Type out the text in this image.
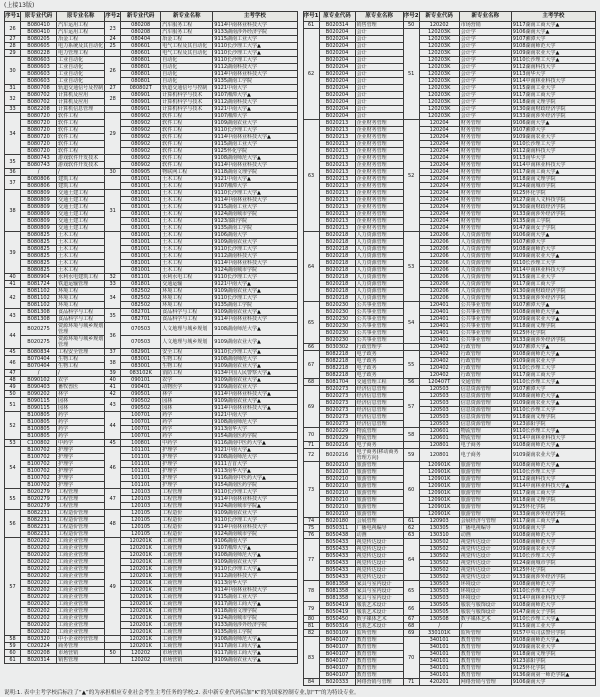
(上接13版)
序号1	原专业代码	原专业名称	序号2	新专业代码	新专业名称	主考学校
26	B080410	汽车运用工程	23	080208	汽车服务工程	9114中南林业科技大学
	B080410	汽车运用工程		080208	汽车服务工程	9133湖南涉外经济学院
27	B080205	冶金工程	24	080404	冶金工程	9115湖南工业大学
28	B080605	电力系统及其自动化	25	080601	电气工程及其自动化	9110长沙理工大学▲
29	B080228	电力管理工程		080601	电气工程及其自动化	9110长沙理工大学▲
30	B080603	工业自动化	26	080801	自动化	9110长沙理工大学
	B080603	工业自动化		080801	自动化	9112湖南科技大学
	B080603	工业自动化		080801	自动化	9114中南林业科技大学
	B080603	工业自动化		080801	自动化	9135湖南工学院
31	B080708	轨道交通信号及控制	27	080802T	轨道交通信号与控制	9121中南大学
32	B080702	计算机及应用	28	080901	计算机科学与技术	9107湘潭大学▲
	B080702	计算机及应用		080901	计算机科学与技术	9112湖南科技大学
33	B082208	计算机信息管理		080901	计算机科学与技术	9121中南大学▲
34	B080720	软件工程	29	080902	软件工程	9107湘潭大学
	B080720	软件工程		080902	软件工程	9109湖南农业大学
	B080720	软件工程		080902	软件工程	9110长沙理工大学
	B080720	软件工程		080902	软件工程	9114中南林业科技大学▲
	B080720	软件工程		080902	软件工程	9115湖南工业大学
	B080720	软件工程		080902	软件工程	9125怀化学院
35	B080743	游戏软件开发技术		080902	软件工程	9108湖南师范大学▲
	B080743	游戏软件开发技术		080902	软件工程	9114中南林业科技大学
36	/	/	30	080905	物联网工程	9118湖南文理学院
37	B080806	建筑工程		081001	土木工程	9121中南大学▲
	B080806	建筑工程		081001	土木工程	9107湘潭大学
38	B080809	交通土建工程	31	081001	土木工程	9110长沙理工大学▲
	B080809	交通土建工程		081001	土木工程	9114中南林业科技大学
	B080809	交通土建工程		081001	土木工程	9115湖南工业大学
	B080809	交通土建工程		081001	土木工程	9124湖南城市学院
	B080809	交通土建工程		081001	土木工程	9123邵阳学院
	B080809	交通土建工程		081001	土木工程	9135湖南工学院
39	B080825	土木工程		081001	土木工程	9106湖南大学
	B080825	土木工程		081001	土木工程	9109湖南农业大学
	B080825	土木工程		081001	土木工程	9110长沙理工大学
	B080825	土木工程		081001	土木工程	9112湖南科技大学
	B080825	土木工程		081001	土木工程	9114中南林业科技大学
	B080825	土木工程		081001	土木工程	9124湖南城市学院
40	B080904	水利水电建筑工程	32	081101	水利水电工程	9110长沙理工大学
41	B081724	铁道运输管理	33	081801	交通运输	9121中南大学▲
42	B081102	环境工程	34	082502	环境工程	9109湖南农业大学▲
	B081102	环境工程		082502	环境工程	9110长沙理工大学
	B081102	环境工程		082502	环境工程	9135湖南工学院
43	B081308	食品科学与工程	35	082701	食品科学与工程	9109湖南农业大学▲
	B081308	食品科学与工程		082701	食品科学与工程	9114中南林业科技大学
44	B020275	资源环境与城乡规划管理	36	070503	人文地理与城乡规划	9108湖南师范大学▲
	B020275	资源环境与城乡规划管理		070503	人文地理与城乡规划	9109湖南农业大学▲
45	B080834	工程安全管理	37	082901	安全工程	9110长沙理工大学▲
46	B070404	生物工程	38	083001	生物工程	9108湖南师范大学
	B070404	生物工程		083001	生物工程	9109湖南农业大学▲
47	/	/	39	083102K	消防工程	9134中国人民警察大学▲
48	B090102	农学	40	090101	农学	9109湖南农业大学▲
49	B090403	畜牧兽医	41	090401	动物医学	9109湖南农业大学
50	B090202	林学	42	090501	林学	9114中南林业科技大学▲
51	B090115	园林	43	090502	园林	9109湖南农业大学▲
	B090115	园林		090502	园林	9114中南林业科技大学▲
52	B100805	药学	44	100701	药学	9121中南大学
	B100805	药学		100701	药学	9108湖南师范大学
	B100805	药学		100701	药学	9113南华大学
	B100805	药学		100701	药学	9154湖南医药学院
53	C100802	中药学	45	100801	中药学	9116湖南中医药大学▲
54	B100702	护理学	46	101101	护理学	9121中南大学▲
	B100702	护理学		101101	护理学	9108湖南师范大学
	B100702	护理学		101101	护理学	9111吉首大学
	B100702	护理学		101101	护理学	9113南华大学▲
	B100702	护理学		101101	护理学	9116湖南中医药大学▲
	B100702	护理学		101101	护理学	9154湖南医药学院
55	B020279	工程管理	47	120103	工程管理	9110长沙理工大学
	B020279	工程管理		120103	工程管理	9114中南林业科技大学
	B020279	工程管理		120103	工程管理	9124湖南城市学院▲
56	B082231	工程造价管理	48	120105	工程造价	9109湖南农业大学
	B082231	工程造价管理		120105	工程造价	9110长沙理工大学
	B082231	工程造价管理		120105	工程造价	9114中南林业科技大学
	B082231	工程造价管理		120105	工程造价	9124湖南城市学院
57	B020202	工商企业管理	49	120201K	工商管理	9106湖南大学
	B020202	工商企业管理		120201K	工商管理	9107湘潭大学▲
	B020202	工商企业管理		120201K	工商管理	9108湖南师范大学▲
	B020202	工商企业管理		120201K	工商管理	9109湖南农业大学
	B020202	工商企业管理		120201K	工商管理	9110长沙理工大学▲
	B020202	工商企业管理		120201K	工商管理	9112湖南科技大学
	B020202	工商企业管理		120201K	工商管理	9113南华大学
	B020202	工商企业管理		120201K	工商管理	9114中南林业科技大学
	B020202	工商企业管理		120201K	工商管理	9115湖南工业大学
	B020202	工商企业管理		120201K	工商管理	9117湖南工商大学▲
	B020202	工商企业管理		120201K	工商管理	9118湖南文理学院
	B020202	工商企业管理		120201K	工商管理	9124湖南城市学院
	B020202	工商企业管理		120201K	工商管理	9133湖南涉外经济学院
	B020202	工商企业管理		120201K	工商管理	9135湖南工学院
58	B020320	中小企业经营管理		120201K	工商管理	9108湖南师范大学▲
59	C020224	商务管理		120201K	工商管理	9117湖南工商大学▲
60	B020208	市场营销	50	120202	市场营销	9117湖南工商大学▲
61	B020314	销售管理		120202	市场营销	9109湖南农业大学▲
序号1	原专业代码	原专业名称	序号2	新专业代码	新专业名称	主考学校
61	B020314	销售管理	50	120202	市场营销	9117湖南工商大学▲
62	B020204	会计	51	120203K	会计学	9106湖南大学▲
	B020204	会计		120203K	会计学	9107湘潭大学
	B020204	会计		120203K	会计学	9108湖南师范大学
	B020204	会计		120203K	会计学	9109湖南农业大学▲
	B020204	会计		120203K	会计学	9110长沙理工大学▲
	B020204	会计		120203K	会计学	9112湖南科技大学
	B020204	会计		120203K	会计学	9113南华大学
	B020204	会计		120203K	会计学	9114中南林业科技大学
	B020204	会计		120203K	会计学	9115湖南工业大学
	B020204	会计		120203K	会计学	9117湖南工商大学
	B020204	会计		120203K	会计学	9118湖南文理学院
	B020204	会计		120203K	会计学	9130湖南财政经济学院
	B020204	会计		120203K	会计学	9133湖南涉外经济学院
63	B020213	企业财务管理	52	120204	财务管理	9106湖南大学▲
	B020213	企业财务管理		120204	财务管理	9107湘潭大学
	B020213	企业财务管理		120204	财务管理	9109湖南农业大学
	B020213	企业财务管理		120204	财务管理	9110长沙理工大学
	B020213	企业财务管理		120204	财务管理	9112湖南科技大学
	B020213	企业财务管理		120204	财务管理	9113南华大学
	B020213	企业财务管理		120204	财务管理	9114中南林业科技大学
	B020213	企业财务管理		120204	财务管理	9117湖南工商大学▲
	B020213	企业财务管理		120204	财务管理	9118湖南文理学院
	B020213	企业财务管理		120204	财务管理	9124湖南城市学院
	B020213	企业财务管理		120204	财务管理	9125怀化学院
	B020213	企业财务管理		120204	财务管理	9127湖南人文科技学院
	B020213	企业财务管理		120204	财务管理	9130湖南财政经济学院
	B020213	企业财务管理		120204	财务管理	9133湖南涉外经济学院
	B020213	企业财务管理		120204	财务管理	9135湖南工学院
	B020213	企业财务管理		120204	财务管理	9147湖南女子学院
64	B020218	人力资源管理	53	120206	人力资源管理	9106湖南大学▲
	B020218	人力资源管理		120206	人力资源管理	9107湘潭大学
	B020218	人力资源管理		120206	人力资源管理	9108湖南师范大学
	B020218	人力资源管理		120206	人力资源管理	9109湖南农业大学▲
	B020218	人力资源管理		120206	人力资源管理	9110长沙理工大学
	B020218	人力资源管理		120206	人力资源管理	9114中南林业科技大学
	B020218	人力资源管理		120206	人力资源管理	9115湖南工业大学
	B020218	人力资源管理		120206	人力资源管理	9117湖南工商大学
	B020218	人力资源管理		120206	人力资源管理	9130湖南财政经济学院
	B020218	人力资源管理		120206	人力资源管理	9133湖南涉外经济学院
65	B020230	公共事业管理	54	120401	公共事业管理	9107湘潭大学▲
	B020230	公共事业管理		120401	公共事业管理	9108湖南师范大学▲
	B020230	公共事业管理		120401	公共事业管理	9109湖南农业大学▲
	B020230	公共事业管理		120401	公共事业管理	9118湖南文理学院
	B020230	公共事业管理		120401	公共事业管理	9125怀化学院
	B020230	公共事业管理		120401	公共事业管理	9133湖南涉外经济学院
66	B030302	行政管理学		120402	行政管理	9107湘潭大学▲
67	B082218	电子政务	55	120402	行政管理	9108湖南师范大学▲
	B082218	电子政务		120402	行政管理	9109湖南农业大学
	B082218	电子政务		120402	行政管理	9110长沙理工大学
	B082218	电子政务		120402	行政管理	9117湖南工商大学
68	B081704	交通管理工程	56	120407T	交通管理	9110长沙理工大学▲
69	B020273	经济信息管理	57	120503	信息资源管理	9107湘潭大学
	B020273	经济信息管理		120503	信息资源管理	9108湖南师范大学▲
	B020273	经济信息管理		120503	信息资源管理	9109湖南农业大学▲
	B020273	经济信息管理		120503	信息资源管理	9110长沙理工大学
	B020273	经济信息管理		120503	信息资源管理	9118湖南文理学院
	B020273	经济信息管理		120503	信息资源管理	9123邵阳学院
70	B020229	物流管理	58	120601	物流管理	9110长沙理工大学▲
	B020229	物流管理		120601	物流管理	9114中南林业科技大学
71	B020216	电子商务		120801	电子商务	9108湖南师范大学▲
72	B020216	电子商务(移动商务管理方向)	59	120801	电子商务	9109湖南农业大学▲
73	B020210	旅游管理	60	120901K	旅游管理	9108湖南师范大学▲
	B020210	旅游管理		120901K	旅游管理	9110长沙理工大学
	B020210	旅游管理		120901K	旅游管理	9112湖南科技大学
	B020210	旅游管理		120901K	旅游管理	9114中南林业科技大学▲
	B020210	旅游管理		120901K	旅游管理	9117湖南工商大学
	B020210	旅游管理		120901K	旅游管理	9118湖南文理学院
	B020210	旅游管理		120901K	旅游管理	9125怀化学院
	B020210	旅游管理		120901K	旅游管理	9133湖南涉外经济学院
74	B020180	会展管理	61	120903	会展经济与管理	9117湖南工商大学▲
75	B050311	广播电视编导	62	130305	广播电视编导	9106湖南大学
76	B050438	动画	63	130310	动画	9108湖南师范大学
77	B050433	视觉传达设计	64	130502	视觉传达设计	9108湖南师范大学
	B050433	视觉传达设计		130502	视觉传达设计	9109湖南农业大学
	B050433	视觉传达设计		130502	视觉传达设计	9110长沙理工大学
	B050433	视觉传达设计		130502	视觉传达设计	9124湖南城市学院
	B050433	视觉传达设计		130502	视觉传达设计	9125怀化学院
	B050433	视觉传达设计		130502	视觉传达设计	9133湖南涉外经济学院
78	B081358	家具与室内设计	65	130503	环境设计	9108湖南师范大学
	B081358	家具与室内设计		130503	环境设计	9110长沙理工大学
	B081358	家具与室内设计		130503	环境设计	9114中南林业科技大学
79	B050419	服装艺术设计	66	130505	服装与服饰设计	9108湖南师范大学
	B050419	服装艺术设计		130505	服装与服饰设计	9147湖南女子学院
80	B050450	数字媒体艺术	67	130508	数字媒体艺术	9110长沙理工大学▲
81	B050316	包装艺术设计	68	/	/	9115湖南工业大学
82	B030109	监所管理	69	330101K	监所管理	9157中央司法警官学院
83	B040107	教育管理	70	340101	教育管理	9108湖南师范大学▲
	B040107	教育管理		340101	教育管理	9109湖南农业大学
	B040107	教育管理		340101	教育管理	9118湖南文理学院
	B040107	教育管理		340101	教育管理	9123邵阳学院
	B040107	教育管理		340101	教育管理	9125怀化学院
	B040107	教育管理		340101	教育管理	9136湖南第一师范学院▲
84	B020333	网络营销与管理	71	420201	网络营销与管理	9106湖南大学
说明:1. 表中主考学校后标注了“▲”的为承担相应专业社会考生主考任务的学校;2. 表中新专业代码后加“K”的为国家控制专业,加“T”的为特设专业。
